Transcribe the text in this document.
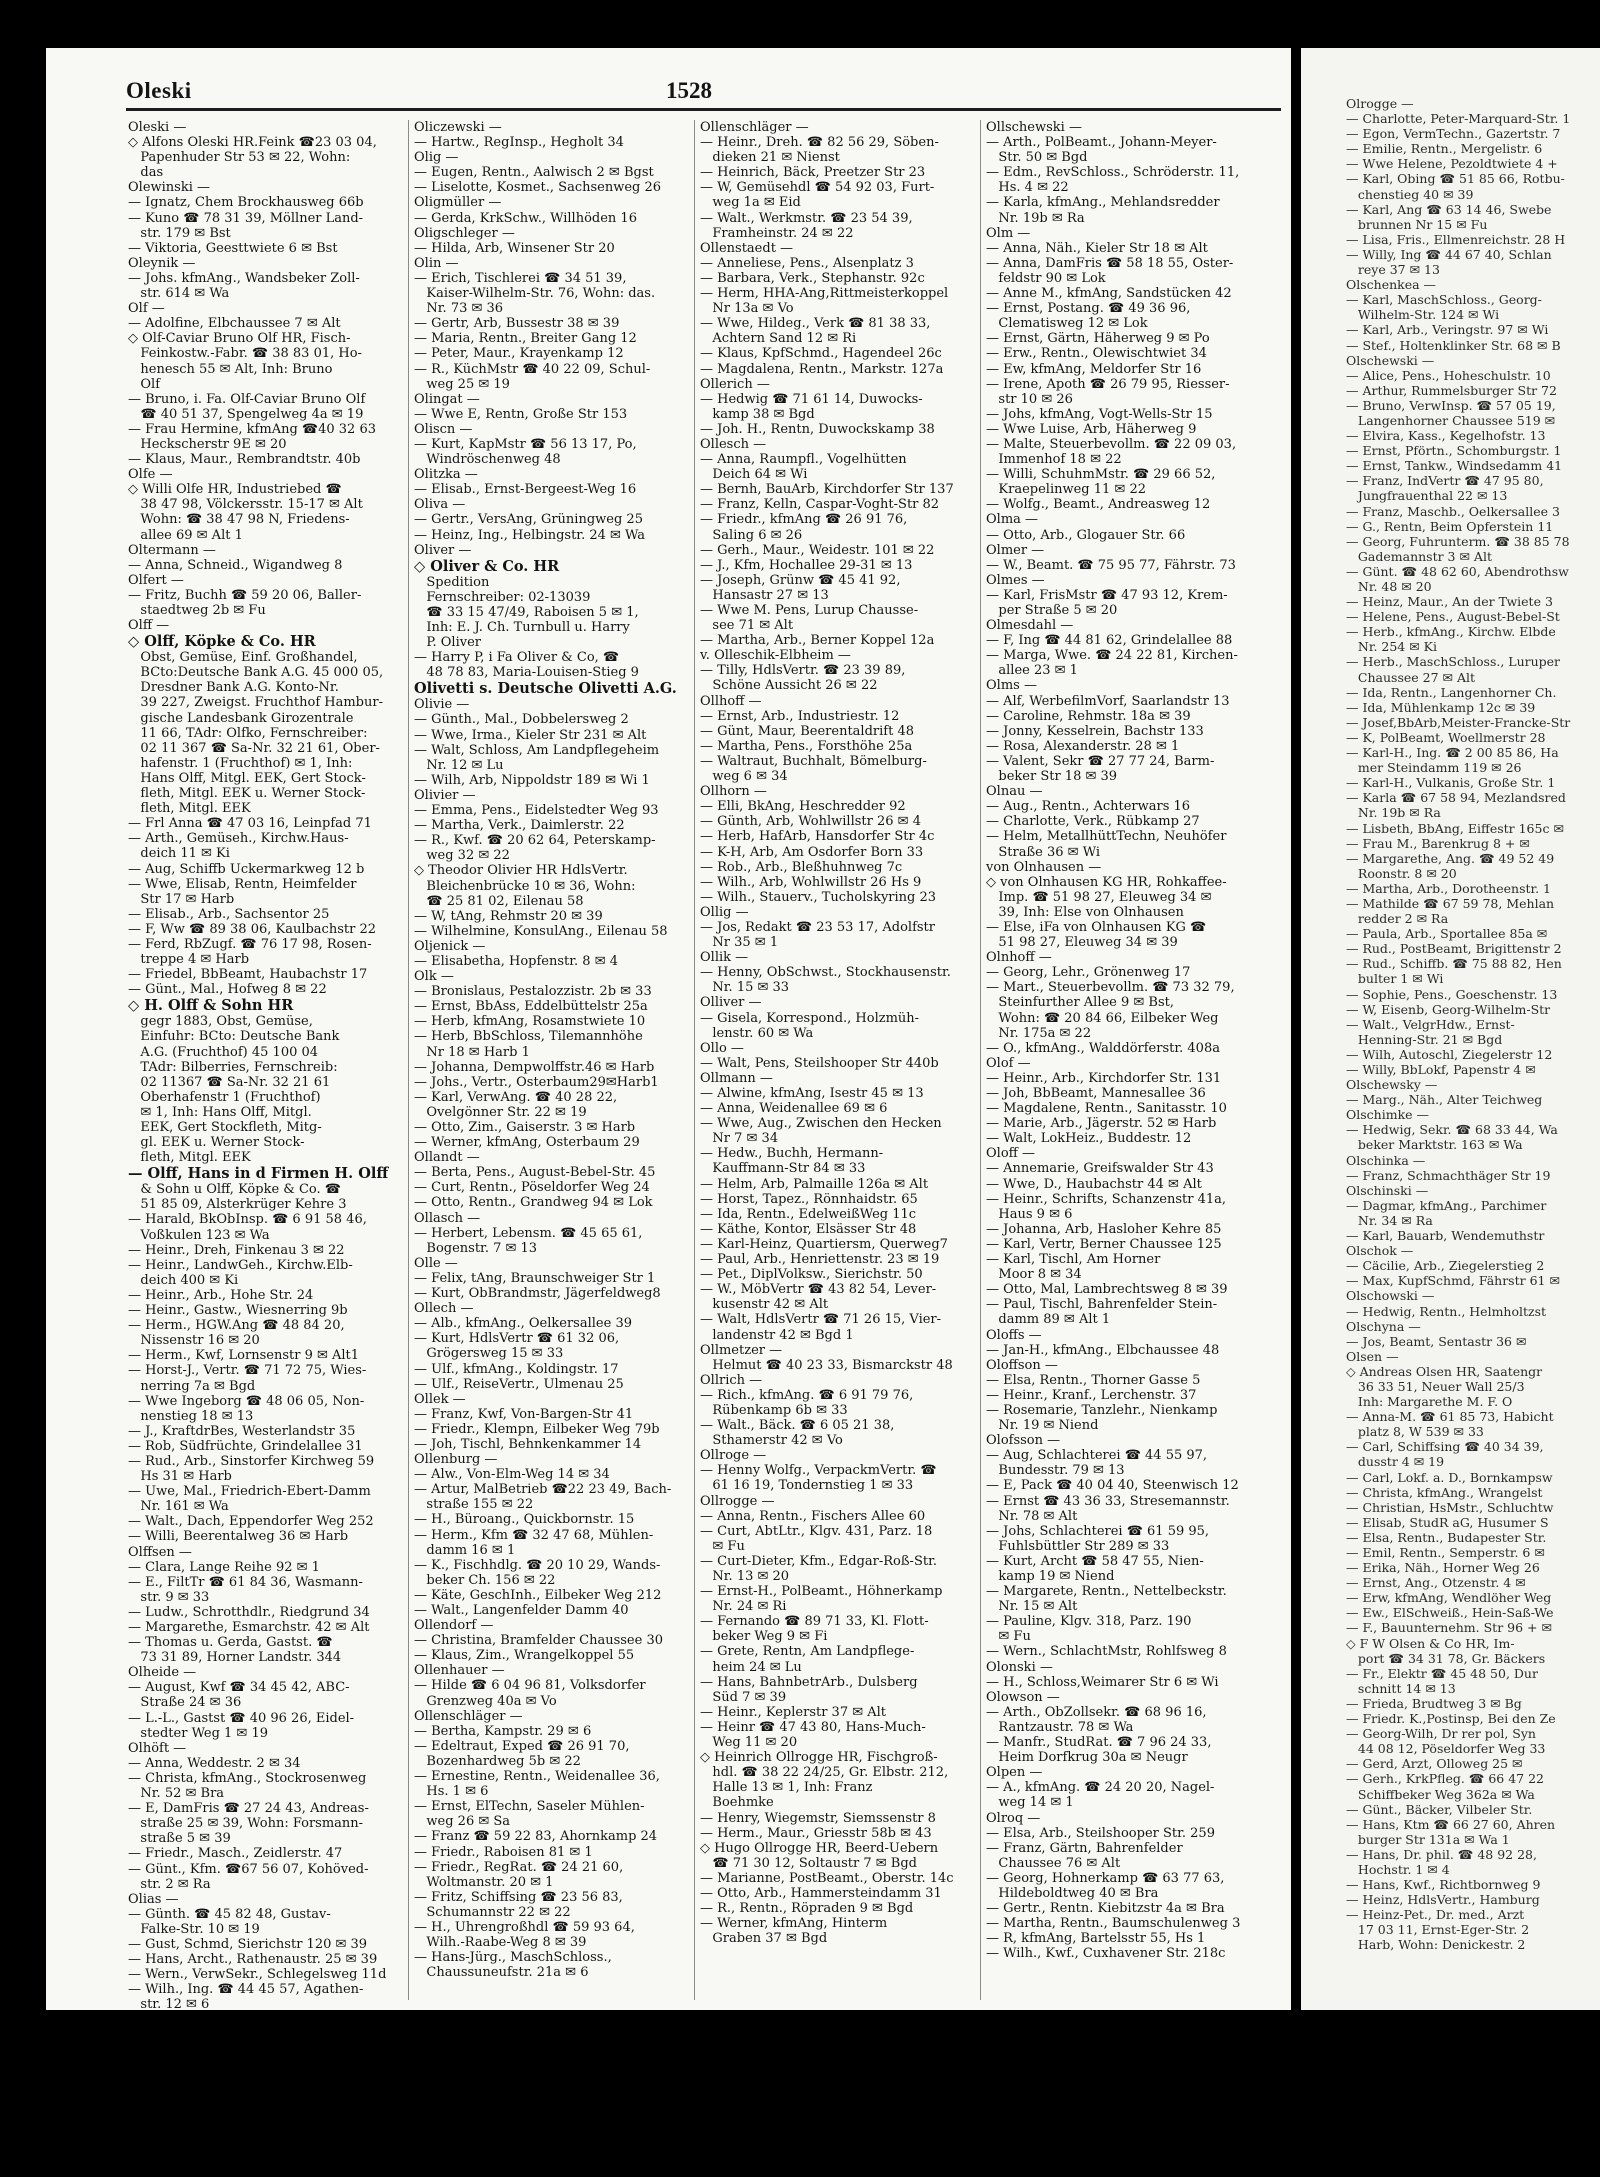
Oleski	1528
Oleski —
◇ Alfons Oleski HR.Feink ☎23 03 04,
Papenhuder Str 53 ✉ 22, Wohn:
das
Olewinski —
— Ignatz, Chem Brockhausweg 66b
— Kuno ☎ 78 31 39, Möllner Land-
str. 179 ✉ Bst
— Viktoria, Geesttwiete 6 ✉ Bst
Oleynik —
— Johs. kfmAng., Wandsbeker Zoll-
str. 614 ✉ Wa
Olf —
— Adolfine, Elbchaussee 7 ✉ Alt
◇ Olf-Caviar Bruno Olf HR, Fisch-
Feinkostw.-Fabr. ☎ 38 83 01, Ho-
henesch 55 ✉ Alt, Inh: Bruno
Olf
— Bruno, i. Fa. Olf-Caviar Bruno Olf
☎ 40 51 37, Spengelweg 4a ✉ 19
— Frau Hermine, kfmAng ☎40 32 63
Heckscherstr 9E ✉ 20
— Klaus, Maur., Rembrandtstr. 40b
Olfe —
◇ Willi Olfe HR, Industriebed ☎
38 47 98, Völckersstr. 15-17 ✉ Alt
Wohn: ☎ 38 47 98 N, Friedens-
allee 69 ✉ Alt 1
Oltermann —
— Anna, Schneid., Wigandweg 8
Olfert —
— Fritz, Buchh ☎ 59 20 06, Baller-
staedtweg 2b ✉ Fu
Olff —
◇ Olff, Köpke & Co. HR
Obst, Gemüse, Einf. Großhandel,
BCto:Deutsche Bank A.G. 45 000 05,
Dresdner Bank A.G. Konto-Nr.
39 227, Zweigst. Fruchthof Hambur-
gische Landesbank Girozentrale
11 66, TAdr: Olfko, Fernschreiber:
02 11 367 ☎ Sa-Nr. 32 21 61, Ober-
hafenstr. 1 (Fruchthof) ✉ 1, Inh:
Hans Olff, Mitgl. EEK, Gert Stock-
fleth, Mitgl. EEK u. Werner Stock-
fleth, Mitgl. EEK
— Frl Anna ☎ 47 03 16, Leinpfad 71
— Arth., Gemüseh., Kirchw.Haus-
deich 11 ✉ Ki
— Aug, Schiffb Uckermarkweg 12 b
— Wwe, Elisab, Rentn, Heimfelder
Str 17 ✉ Harb
— Elisab., Arb., Sachsentor 25
— F, Ww ☎ 89 38 06, Kaulbachstr 22
— Ferd, RbZugf. ☎ 76 17 98, Rosen-
treppe 4 ✉ Harb
— Friedel, BbBeamt, Haubachstr 17
— Günt., Mal., Hofweg 8 ✉ 22
◇ H. Olff & Sohn HR
gegr 1883, Obst, Gemüse,
Einfuhr: BCto: Deutsche Bank
A.G. (Fruchthof) 45 100 04
TAdr: Bilberries, Fernschreib:
02 11367 ☎ Sa-Nr. 32 21 61
Oberhafenstr 1 (Fruchthof)
✉ 1, Inh: Hans Olff, Mitgl.
EEK, Gert Stockfleth, Mitg-
gl. EEK u. Werner Stock-
fleth, Mitgl. EEK
— Olff, Hans in d Firmen H. Olff
& Sohn u Olff, Köpke & Co. ☎
51 85 09, Alsterkrüger Kehre 3
— Harald, BkObInsp. ☎ 6 91 58 46,
Voßkulen 123 ✉ Wa
— Heinr., Dreh, Finkenau 3 ✉ 22
— Heinr., LandwGeh., Kirchw.Elb-
deich 400 ✉ Ki
— Heinr., Arb., Hohe Str. 24
— Heinr., Gastw., Wiesnerring 9b
— Herm., HGW.Ang ☎ 48 84 20,
Nissenstr 16 ✉ 20
— Herm., Kwf, Lornsenstr 9 ✉ Alt1
— Horst-J., Vertr. ☎ 71 72 75, Wies-
nerring 7a ✉ Bgd
— Wwe Ingeborg ☎ 48 06 05, Non-
nenstieg 18 ✉ 13
— J., KraftdrBes, Westerlandstr 35
— Rob, Südfrüchte, Grindelallee 31
— Rud., Arb., Sinstorfer Kirchweg 59
Hs 31 ✉ Harb
— Uwe, Mal., Friedrich-Ebert-Damm
Nr. 161 ✉ Wa
— Walt., Dach, Eppendorfer Weg 252
— Willi, Beerentalweg 36 ✉ Harb
Olffsen —
— Clara, Lange Reihe 92 ✉ 1
— E., FiltTr ☎ 61 84 36, Wasmann-
str. 9 ✉ 33
— Ludw., Schrotthdlr., Riedgrund 34
— Margarethe, Esmarchstr. 42 ✉ Alt
— Thomas u. Gerda, Gastst. ☎
73 31 89, Horner Landstr. 344
Olheide —
— August, Kwf ☎ 34 45 42, ABC-
Straße 24 ✉ 36
— L.-L., Gastst ☎ 40 96 26, Eidel-
stedter Weg 1 ✉ 19
Olhöft —
— Anna, Weddestr. 2 ✉ 34
— Christa, kfmAng., Stockrosenweg
Nr. 52 ✉ Bra
— E, DamFris ☎ 27 24 43, Andreas-
straße 25 ✉ 39, Wohn: Forsmann-
straße 5 ✉ 39
— Friedr., Masch., Zeidlerstr. 47
— Günt., Kfm. ☎67 56 07, Kohöved-
str. 2 ✉ Ra
Olias —
— Günth. ☎ 45 82 48, Gustav-
Falke-Str. 10 ✉ 19
— Gust, Schmd, Sierichstr 120 ✉ 39
— Hans, Archt., Rathenaustr. 25 ✉ 39
— Wern., VerwSekr., Schlegelsweg 11d
— Wilh., Ing. ☎ 44 45 57, Agathen-
str. 12 ✉ 6
Oliczewski —
— Hartw., RegInsp., Hegholt 34
Olig —
— Eugen, Rentn., Aalwisch 2 ✉ Bgst
— Liselotte, Kosmet., Sachsenweg 26
Oligmüller —
— Gerda, KrkSchw., Willhöden 16
Oligschleger —
— Hilda, Arb, Winsener Str 20
Olin —
— Erich, Tischlerei ☎ 34 51 39,
Kaiser-Wilhelm-Str. 76, Wohn: das.
Nr. 73 ✉ 36
— Gertr, Arb, Bussestr 38 ✉ 39
— Maria, Rentn., Breiter Gang 12
— Peter, Maur., Krayenkamp 12
— R., KüchMstr ☎ 40 22 09, Schul-
weg 25 ✉ 19
Olingat —
— Wwe E, Rentn, Große Str 153
Oliscn —
— Kurt, KapMstr ☎ 56 13 17, Po,
Windröschenweg 48
Olitzka —
— Elisab., Ernst-Bergeest-Weg 16
Oliva —
— Gertr., VersAng, Grüningweg 25
— Heinz, Ing., Helbingstr. 24 ✉ Wa
Oliver —
◇ Oliver & Co. HR
Spedition
Fernschreiber: 02-13039
☎ 33 15 47/49, Raboisen 5 ✉ 1,
Inh: E. J. Ch. Turnbull u. Harry
P. Oliver
— Harry P, i Fa Oliver & Co, ☎
48 78 83, Maria-Louisen-Stieg 9
Olivetti s. Deutsche Olivetti A.G.
Olivie —
— Günth., Mal., Dobbelersweg 2
— Wwe, Irma., Kieler Str 231 ✉ Alt
— Walt, Schloss, Am Landpflegeheim
Nr. 12 ✉ Lu
— Wilh, Arb, Nippoldstr 189 ✉ Wi 1
Olivier —
— Emma, Pens., Eidelstedter Weg 93
— Martha, Verk., Daimlerstr. 22
— R., Kwf. ☎ 20 62 64, Peterskamp-
weg 32 ✉ 22
◇ Theodor Olivier HR HdlsVertr.
Bleichenbrücke 10 ✉ 36, Wohn:
☎ 25 81 02, Eilenau 58
— W, tAng, Rehmstr 20 ✉ 39
— Wilhelmine, KonsulAng., Eilenau 58
Oljenick —
— Elisabetha, Hopfenstr. 8 ✉ 4
Olk —
— Bronislaus, Pestalozzistr. 2b ✉ 33
— Ernst, BbAss, Eddelbüttelstr 25a
— Herb, kfmAng, Rosamstwiete 10
— Herb, BbSchloss, Tilemannhöhe
Nr 18 ✉ Harb 1
— Johanna, Dempwolffstr.46 ✉ Harb
— Johs., Vertr., Osterbaum29✉Harb1
— Karl, VerwAng. ☎ 40 28 22,
Ovelgönner Str. 22 ✉ 19
— Otto, Zim., Gaiserstr. 3 ✉ Harb
— Werner, kfmAng, Osterbaum 29
Ollandt —
— Berta, Pens., August-Bebel-Str. 45
— Curt, Rentn., Pöseldorfer Weg 24
— Otto, Rentn., Grandweg 94 ✉ Lok
Ollasch —
— Herbert, Lebensm. ☎ 45 65 61,
Bogenstr. 7 ✉ 13
Olle —
— Felix, tAng, Braunschweiger Str 1
— Kurt, ObBrandmstr, Jägerfeldweg8
Ollech —
— Alb., kfmAng., Oelkersallee 39
— Kurt, HdlsVertr ☎ 61 32 06,
Grögersweg 15 ✉ 33
— Ulf., kfmAng., Koldingstr. 17
— Ulf., ReiseVertr., Ulmenau 25
Ollek —
— Franz, Kwf, Von-Bargen-Str 41
— Friedr., Klempn, Eilbeker Weg 79b
— Joh, Tischl, Behnkenkammer 14
Ollenburg —
— Alw., Von-Elm-Weg 14 ✉ 34
— Artur, MalBetrieb ☎22 23 49, Bach-
straße 155 ✉ 22
— H., Büroang., Quickbornstr. 15
— Herm., Kfm ☎ 32 47 68, Mühlen-
damm 16 ✉ 1
— K., Fischhdlg. ☎ 20 10 29, Wands-
beker Ch. 156 ✉ 22
— Käte, GeschInh., Eilbeker Weg 212
— Walt., Langenfelder Damm 40
Ollendorf —
— Christina, Bramfelder Chaussee 30
— Klaus, Zim., Wrangelkoppel 55
Ollenhauer —
— Hilde ☎ 6 04 96 81, Volksdorfer
Grenzweg 40a ✉ Vo
Ollenschläger —
— Bertha, Kampstr. 29 ✉ 6
— Edeltraut, Exped ☎ 26 91 70,
Bozenhardweg 5b ✉ 22
— Ernestine, Rentn., Weidenallee 36,
Hs. 1 ✉ 6
— Ernst, ElTechn, Saseler Mühlen-
weg 26 ✉ Sa
— Franz ☎ 59 22 83, Ahornkamp 24
— Friedr., Raboisen 81 ✉ 1
— Friedr., RegRat. ☎ 24 21 60,
Woltmanstr. 20 ✉ 1
— Fritz, Schiffsing ☎ 23 56 83,
Schumannstr 22 ✉ 22
— H., Uhrengroßhdl ☎ 59 93 64,
Wilh.-Raabe-Weg 8 ✉ 39
— Hans-Jürg., MaschSchloss.,
Chaussuneufstr. 21a ✉ 6
Ollenschläger —
— Heinr., Dreh. ☎ 82 56 29, Söben-
dieken 21 ✉ Nienst
— Heinrich, Bäck, Preetzer Str 23
— W, Gemüsehdl ☎ 54 92 03, Furt-
weg 1a ✉ Eid
— Walt., Werkmstr. ☎ 23 54 39,
Framheinstr. 24 ✉ 22
Ollenstaedt —
— Anneliese, Pens., Alsenplatz 3
— Barbara, Verk., Stephanstr. 92c
— Herm, HHA-Ang,Rittmeisterkoppel
Nr 13a ✉ Vo
— Wwe, Hildeg., Verk ☎ 81 38 33,
Achtern Sand 12 ✉ Ri
— Klaus, KpfSchmd., Hagendeel 26c
— Magdalena, Rentn., Markstr. 127a
Ollerich —
— Hedwig ☎ 71 61 14, Duwocks-
kamp 38 ✉ Bgd
— Joh. H., Rentn, Duwockskamp 38
Ollesch —
— Anna, Raumpfl., Vogelhütten
Deich 64 ✉ Wi
— Bernh, BauArb, Kirchdorfer Str 137
— Franz, Kelln, Caspar-Voght-Str 82
— Friedr., kfmAng ☎ 26 91 76,
Saling 6 ✉ 26
— Gerh., Maur., Weidestr. 101 ✉ 22
— J., Kfm, Hochallee 29-31 ✉ 13
— Joseph, Grünw ☎ 45 41 92,
Hansastr 27 ✉ 13
— Wwe M. Pens, Lurup Chausse-
see 71 ✉ Alt
— Martha, Arb., Berner Koppel 12a
v. Olleschik-Elbheim —
— Tilly, HdlsVertr. ☎ 23 39 89,
Schöne Aussicht 26 ✉ 22
Ollhoff —
— Ernst, Arb., Industriestr. 12
— Günt, Maur, Beerentaldrift 48
— Martha, Pens., Forsthöhe 25a
— Waltraut, Buchhalt, Bömelburg-
weg 6 ✉ 34
Ollhorn —
— Elli, BkAng, Heschredder 92
— Günth, Arb, Wohlwillstr 26 ✉ 4
— Herb, HafArb, Hansdorfer Str 4c
— K-H, Arb, Am Osdorfer Born 33
— Rob., Arb., Bleßhuhnweg 7c
— Wilh., Arb, Wohlwillstr 26 Hs 9
— Wilh., Stauerv., Tucholskyring 23
Ollig —
— Jos, Redakt ☎ 23 53 17, Adolfstr
Nr 35 ✉ 1
Ollik —
— Henny, ObSchwst., Stockhausenstr.
Nr. 15 ✉ 33
Olliver —
— Gisela, Korrespond., Holzmüh-
lenstr. 60 ✉ Wa
Ollo —
— Walt, Pens, Steilshooper Str 440b
Ollmann —
— Alwine, kfmAng, Isestr 45 ✉ 13
— Anna, Weidenallee 69 ✉ 6
— Wwe, Aug., Zwischen den Hecken
Nr 7 ✉ 34
— Hedw., Buchh, Hermann-
Kauffmann-Str 84 ✉ 33
— Helm, Arb, Palmaille 126a ✉ Alt
— Horst, Tapez., Rönnhaidstr. 65
— Ida, Rentn., EdelweißWeg 11c
— Käthe, Kontor, Elsässer Str 48
— Karl-Heinz, Quartiersm, Querweg7
— Paul, Arb., Henriettenstr. 23 ✉ 19
— Pet., DiplVolksw., Sierichstr. 50
— W., MöbVertr ☎ 43 82 54, Lever-
kusenstr 42 ✉ Alt
— Walt, HdlsVertr ☎ 71 26 15, Vier-
landenstr 42 ✉ Bgd 1
Ollmetzer —
Helmut ☎ 40 23 33, Bismarckstr 48
Ollrich —
— Rich., kfmAng. ☎ 6 91 79 76,
Rübenkamp 6b ✉ 33
— Walt., Bäck. ☎ 6 05 21 38,
Sthamerstr 42 ✉ Vo
Ollroge —
— Henny Wolfg., VerpackmVertr. ☎
61 16 19, Tondernstieg 1 ✉ 33
Ollrogge —
— Anna, Rentn., Fischers Allee 60
— Curt, AbtLtr., Klgv. 431, Parz. 18
✉ Fu
— Curt-Dieter, Kfm., Edgar-Roß-Str.
Nr. 13 ✉ 20
— Ernst-H., PolBeamt., Höhnerkamp
Nr. 24 ✉ Ri
— Fernando ☎ 89 71 33, Kl. Flott-
beker Weg 9 ✉ Fi
— Grete, Rentn, Am Landpflege-
heim 24 ✉ Lu
— Hans, BahnbetrArb., Dulsberg
Süd 7 ✉ 39
— Heinr., Keplerstr 37 ✉ Alt
— Heinr ☎ 47 43 80, Hans-Much-
Weg 11 ✉ 20
◇ Heinrich Ollrogge HR, Fischgroß-
hdl. ☎ 38 22 24/25, Gr. Elbstr. 212,
Halle 13 ✉ 1, Inh: Franz
Boehmke
— Henry, Wiegemstr, Siemssenstr 8
— Herm., Maur., Griesstr 58b ✉ 43
◇ Hugo Ollrogge HR, Beerd-Uebern
☎ 71 30 12, Soltaustr 7 ✉ Bgd
— Marianne, PostBeamt., Oberstr. 14c
— Otto, Arb., Hammersteindamm 31
— R., Rentn., Röpraden 9 ✉ Bgd
— Werner, kfmAng, Hinterm
Graben 37 ✉ Bgd
Ollschewski —
— Arth., PolBeamt., Johann-Meyer-
Str. 50 ✉ Bgd
— Edm., RevSchloss., Schröderstr. 11,
Hs. 4 ✉ 22
— Karla, kfmAng., Mehlandsredder
Nr. 19b ✉ Ra
Olm —
— Anna, Näh., Kieler Str 18 ✉ Alt
— Anna, DamFris ☎ 58 18 55, Oster-
feldstr 90 ✉ Lok
— Anne M., kfmAng, Sandstücken 42
— Ernst, Postang. ☎ 49 36 96,
Clematisweg 12 ✉ Lok
— Ernst, Gärtn, Häherweg 9 ✉ Po
— Erw., Rentn., Olewischtwiet 34
— Ew, kfmAng, Meldorfer Str 16
— Irene, Apoth ☎ 26 79 95, Riesser-
str 10 ✉ 26
— Johs, kfmAng, Vogt-Wells-Str 15
— Wwe Luise, Arb, Häherweg 9
— Malte, Steuerbevollm. ☎ 22 09 03,
Immenhof 18 ✉ 22
— Willi, SchuhmMstr. ☎ 29 66 52,
Kraepelinweg 11 ✉ 22
— Wolfg., Beamt., Andreasweg 12
Olma —
— Otto, Arb., Glogauer Str. 66
Olmer —
— W., Beamt. ☎ 75 95 77, Fährstr. 73
Olmes —
— Karl, FrisMstr ☎ 47 93 12, Krem-
per Straße 5 ✉ 20
Olmesdahl —
— F, Ing ☎ 44 81 62, Grindelallee 88
— Marga, Wwe. ☎ 24 22 81, Kirchen-
allee 23 ✉ 1
Olms —
— Alf, WerbefilmVorf, Saarlandstr 13
— Caroline, Rehmstr. 18a ✉ 39
— Jonny, Kesselrein, Bachstr 133
— Rosa, Alexanderstr. 28 ✉ 1
— Valent, Sekr ☎ 27 77 24, Barm-
beker Str 18 ✉ 39
Olnau —
— Aug., Rentn., Achterwars 16
— Charlotte, Verk., Rübkamp 27
— Helm, MetallhüttTechn, Neuhöfer
Straße 36 ✉ Wi
von Olnhausen —
◇ von Olnhausen KG HR, Rohkaffee-
Imp. ☎ 51 98 27, Eleuweg 34 ✉
39, Inh: Else von Olnhausen
— Else, iFa von Olnhausen KG ☎
51 98 27, Eleuweg 34 ✉ 39
Olnhoff —
— Georg, Lehr., Grönenweg 17
— Mart., Steuerbevollm. ☎ 73 32 79,
Steinfurther Allee 9 ✉ Bst,
Wohn: ☎ 20 84 66, Eilbeker Weg
Nr. 175a ✉ 22
— O., kfmAng., Walddörferstr. 408a
Olof —
— Heinr., Arb., Kirchdorfer Str. 131
— Joh, BbBeamt, Mannesallee 36
— Magdalene, Rentn., Sanitasstr. 10
— Marie, Arb., Jägerstr. 52 ✉ Harb
— Walt, LokHeiz., Buddestr. 12
Oloff —
— Annemarie, Greifswalder Str 43
— Wwe, D., Haubachstr 44 ✉ Alt
— Heinr., Schrifts, Schanzenstr 41a,
Haus 9 ✉ 6
— Johanna, Arb, Hasloher Kehre 85
— Karl, Vertr, Berner Chaussee 125
— Karl, Tischl, Am Horner
Moor 8 ✉ 34
— Otto, Mal, Lambrechtsweg 8 ✉ 39
— Paul, Tischl, Bahrenfelder Stein-
damm 89 ✉ Alt 1
Oloffs —
— Jan-H., kfmAng., Elbchaussee 48
Oloffson —
— Elsa, Rentn., Thorner Gasse 5
— Heinr., Kranf., Lerchenstr. 37
— Rosemarie, Tanzlehr., Nienkamp
Nr. 19 ✉ Niend
Olofsson —
— Aug, Schlachterei ☎ 44 55 97,
Bundesstr. 79 ✉ 13
— E, Pack ☎ 40 04 40, Steenwisch 12
— Ernst ☎ 43 36 33, Stresemannstr.
Nr. 78 ✉ Alt
— Johs, Schlachterei ☎ 61 59 95,
Fuhlsbüttler Str 289 ✉ 33
— Kurt, Archt ☎ 58 47 55, Nien-
kamp 19 ✉ Niend
— Margarete, Rentn., Nettelbeckstr.
Nr. 15 ✉ Alt
— Pauline, Klgv. 318, Parz. 190
✉ Fu
— Wern., SchlachtMstr, Rohlfsweg 8
Olonski —
— H., Schloss,Weimarer Str 6 ✉ Wi
Olowson —
— Arth., ObZollsekr. ☎ 68 96 16,
Rantzaustr. 78 ✉ Wa
— Manfr., StudRat. ☎ 7 96 24 33,
Heim Dorfkrug 30a ✉ Neugr
Olpen —
— A., kfmAng. ☎ 24 20 20, Nagel-
weg 14 ✉ 1
Olroq —
— Elsa, Arb., Steilshooper Str. 259
— Franz, Gärtn, Bahrenfelder
Chaussee 76 ✉ Alt
— Georg, Hohnerkamp ☎ 63 77 63,
Hildeboldtweg 40 ✉ Bra
— Gertr., Rentn. Kiebitzstr 4a ✉ Bra
— Martha, Rentn., Baumschulenweg 3
— R, kfmAng, Bartelsstr 55, Hs 1
— Wilh., Kwf., Cuxhavener Str. 218c
Olrogge —
— Charlotte, Peter-Marquard-Str. 1
— Egon, VermTechn., Gazertstr. 7
— Emilie, Rentn., Mergelistr. 6
— Wwe Helene, Pezoldtwiete 4 +
— Karl, Obing ☎ 51 85 66, Rotbu-
chenstieg 40 ✉ 39
— Karl, Ang ☎ 63 14 46, Swebe
brunnen Nr 15 ✉ Fu
— Lisa, Fris., Ellmenreichstr. 28 H
— Willy, Ing ☎ 44 67 40, Schlan
reye 37 ✉ 13
Olschenkea —
— Karl, MaschSchloss., Georg-
Wilhelm-Str. 124 ✉ Wi
— Karl, Arb., Veringstr. 97 ✉ Wi
— Stef., Holtenklinker Str. 68 ✉ B
Olschewski —
— Alice, Pens., Hoheschulstr. 10
— Arthur, Rummelsburger Str 72
— Bruno, VerwInsp. ☎ 57 05 19,
Langenhorner Chaussee 519 ✉
— Elvira, Kass., Kegelhofstr. 13
— Ernst, Pförtn., Schomburgstr. 1
— Ernst, Tankw., Windsedamm 41
— Franz, IndVertr ☎ 47 95 80,
Jungfrauenthal 22 ✉ 13
— Franz, Maschb., Oelkersallee 3
— G., Rentn, Beim Opferstein 11
— Georg, Fuhrunterm. ☎ 38 85 78
Gademannstr 3 ✉ Alt
— Günt. ☎ 48 62 60, Abendrothsw
Nr. 48 ✉ 20
— Heinz, Maur., An der Twiete 3
— Helene, Pens., August-Bebel-St
— Herb., kfmAng., Kirchw. Elbde
Nr. 254 ✉ Ki
— Herb., MaschSchloss., Luruper
Chaussee 27 ✉ Alt
— Ida, Rentn., Langenhorner Ch.
— Ida, Mühlenkamp 12c ✉ 39
— Josef,BbArb,Meister-Francke-Str
— K, PolBeamt, Woellmerstr 28
— Karl-H., Ing. ☎ 2 00 85 86, Ha
mer Steindamm 119 ✉ 26
— Karl-H., Vulkanis, Große Str. 1
— Karla ☎ 67 58 94, Mezlandsred
Nr. 19b ✉ Ra
— Lisbeth, BbAng, Eiffestr 165c ✉
— Frau M., Barenkrug 8 + ✉
— Margarethe, Ang. ☎ 49 52 49
Roonstr. 8 ✉ 20
— Martha, Arb., Dorotheenstr. 1
— Mathilde ☎ 67 59 78, Mehlan
redder 2 ✉ Ra
— Paula, Arb., Sportallee 85a ✉
— Rud., PostBeamt, Brigittenstr 2
— Rud., Schiffb. ☎ 75 88 82, Hen
bulter 1 ✉ Wi
— Sophie, Pens., Goeschenstr. 13
— W, Eisenb, Georg-Wilhelm-Str
— Walt., VelgrHdw., Ernst-
Henning-Str. 21 ✉ Bgd
— Wilh, Autoschl, Ziegelerstr 12
— Willy, BbLokf, Papenstr 4 ✉
Olschewsky —
— Marg., Näh., Alter Teichweg
Olschimke —
— Hedwig, Sekr. ☎ 68 33 44, Wa
beker Marktstr. 163 ✉ Wa
Olschinka —
— Franz, Schmachthäger Str 19
Olschinski —
— Dagmar, kfmAng., Parchimer
Nr. 34 ✉ Ra
— Karl, Bauarb, Wendemuthstr
Olschok —
— Cäcilie, Arb., Ziegelerstieg 2
— Max, KupfSchmd, Fährstr 61 ✉
Olschowski —
— Hedwig, Rentn., Helmholtzst
Olschyna —
— Jos, Beamt, Sentastr 36 ✉
Olsen —
◇ Andreas Olsen HR, Saatengr
36 33 51, Neuer Wall 25/3
Inh: Margarethe M. F. O
— Anna-M. ☎ 61 85 73, Habicht
platz 8, W 539 ✉ 33
— Carl, Schiffsing ☎ 40 34 39,
dusstr 4 ✉ 19
— Carl, Lokf. a. D., Bornkampsw
— Christa, kfmAng., Wrangelst
— Christian, HsMstr., Schluchtw
— Elisab, StudR aG, Husumer S
— Elsa, Rentn., Budapester Str.
— Emil, Rentn., Semperstr. 6 ✉
— Erika, Näh., Horner Weg 26
— Ernst, Ang., Otzenstr. 4 ✉
— Erw, kfmAng, Wendlöher Weg
— Ew., ElSchweiß., Hein-Saß-We
— F., Bauunternehm. Str 96 + ✉
◇ F W Olsen & Co HR, Im-
port ☎ 34 31 78, Gr. Bäckers
— Fr., Elektr ☎ 45 48 50, Dur
schnitt 14 ✉ 13
— Frieda, Brudtweg 3 ✉ Bg
— Friedr. K.,Postinsp, Bei den Ze
— Georg-Wilh, Dr rer pol, Syn
44 08 12, Pöseldorfer Weg 33
— Gerd, Arzt, Olloweg 25 ✉
— Gerh., KrkPfleg. ☎ 66 47 22
Schiffbeker Weg 362a ✉ Wa
— Günt., Bäcker, Vilbeler Str.
— Hans, Ktm ☎ 66 27 60, Ahren
burger Str 131a ✉ Wa 1
— Hans, Dr. phil. ☎ 48 92 28,
Hochstr. 1 ✉ 4
— Hans, Kwf., Richtbornweg 9
— Heinz, HdlsVertr., Hamburg
— Heinz-Pet., Dr. med., Arzt
17 03 11, Ernst-Eger-Str. 2
Harb, Wohn: Denickestr. 2
